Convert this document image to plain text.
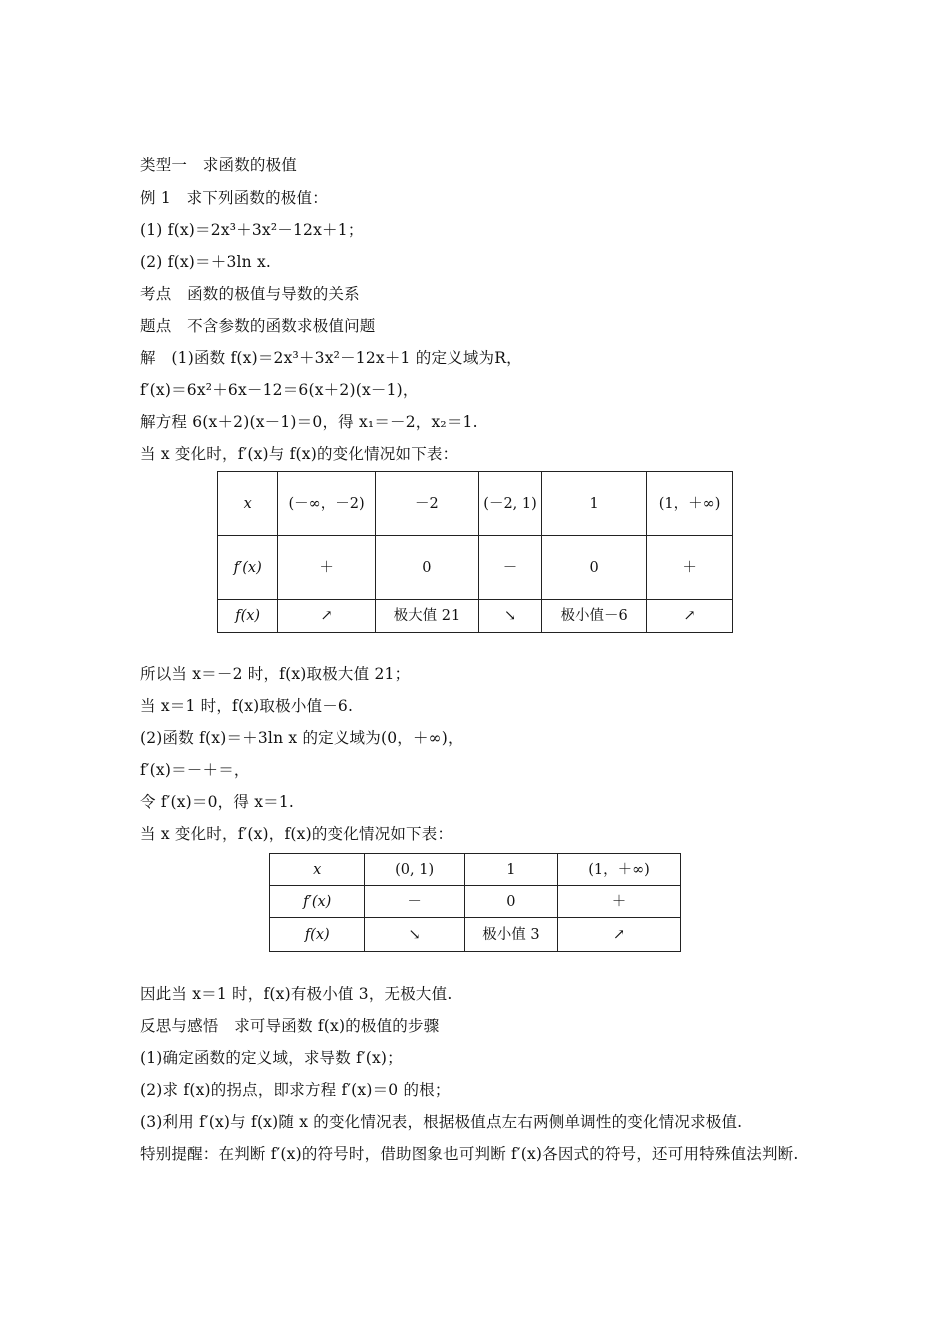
类型一　求函数的极值
例 1　求下列函数的极值：
(1) f(x)＝2x³＋3x²－12x＋1；
(2) f(x)＝＋3ln x.
考点　函数的极值与导数的关系
题点　不含参数的函数求极值问题
解　(1)函数 f(x)＝2x³＋3x²－12x＋1 的定义域为R，
f′(x)＝6x²＋6x－12＝6(x＋2)(x－1)，
解方程 6(x＋2)(x－1)＝0，得 x₁＝－2，x₂＝1.
当 x 变化时，f′(x)与 f(x)的变化情况如下表：
x	(－∞，－2)	－2	(－2, 1)	1	(1，＋∞)
f′(x)	＋	0	－	0	＋
f(x)	↗	极大值 21	↘	极小值－6	↗
所以当 x＝－2 时，f(x)取极大值 21；
当 x＝1 时，f(x)取极小值－6.
(2)函数 f(x)＝＋3ln x 的定义域为(0，＋∞)，
f′(x)＝－＋＝，
令 f′(x)＝0，得 x＝1.
当 x 变化时，f′(x)，f(x)的变化情况如下表：
x	(0, 1)	1	(1，＋∞)
f′(x)	－	0	＋
f(x)	↘	极小值 3	↗
因此当 x＝1 时，f(x)有极小值 3，无极大值.
反思与感悟　求可导函数 f(x)的极值的步骤
(1)确定函数的定义域，求导数 f′(x)；
(2)求 f(x)的拐点，即求方程 f′(x)＝0 的根；
(3)利用 f′(x)与 f(x)随 x 的变化情况表，根据极值点左右两侧单调性的变化情况求极值.
特别提醒：在判断 f′(x)的符号时，借助图象也可判断 f′(x)各因式的符号，还可用特殊值法判断.
